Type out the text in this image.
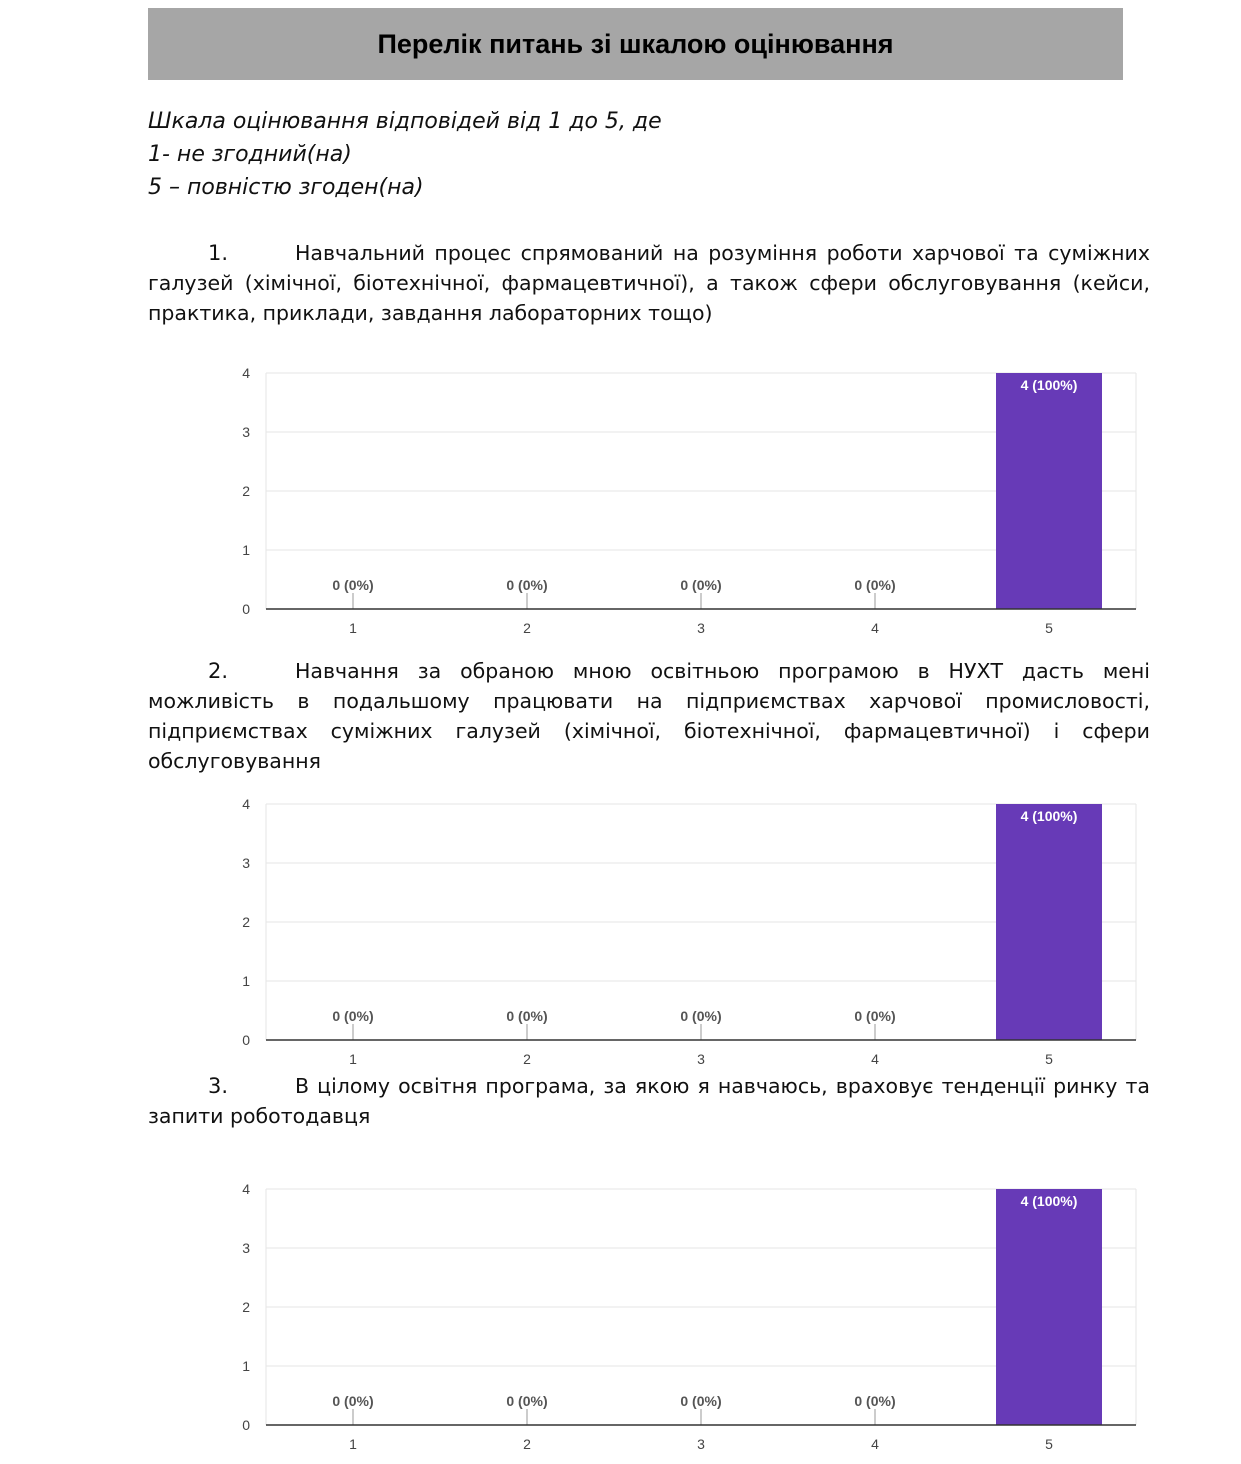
Перелік питань зі шкалою оцінювання
Шкала оцінювання відповідей від 1 до 5, де
1- не згодний(на)
5 – повністю згоден(на)
1.	Навчальний процес спрямований на розуміння роботи харчової та суміжних галузей (хімічної, біотехнічної, фармацевтичної), а також сфери обслуговування (кейси, практика, приклади, завдання лабораторних тощо)
0
1
2
3
4
0 (0%)
1
0 (0%)
2
0 (0%)
3
0 (0%)
4
4 (100%)
5
2.	Навчання за обраною мною освітньою програмою в НУХТ дасть мені можливість в подальшому працювати на підприємствах харчової промисловості, підприємствах суміжних галузей (хімічної, біотехнічної, фармацевтичної) і сфери обслуговування
0
1
2
3
4
0 (0%)
1
0 (0%)
2
0 (0%)
3
0 (0%)
4
4 (100%)
5
3.	В цілому освітня програма, за якою я навчаюсь, враховує тенденції ринку та запити роботодавця
0
1
2
3
4
0 (0%)
1
0 (0%)
2
0 (0%)
3
0 (0%)
4
4 (100%)
5
